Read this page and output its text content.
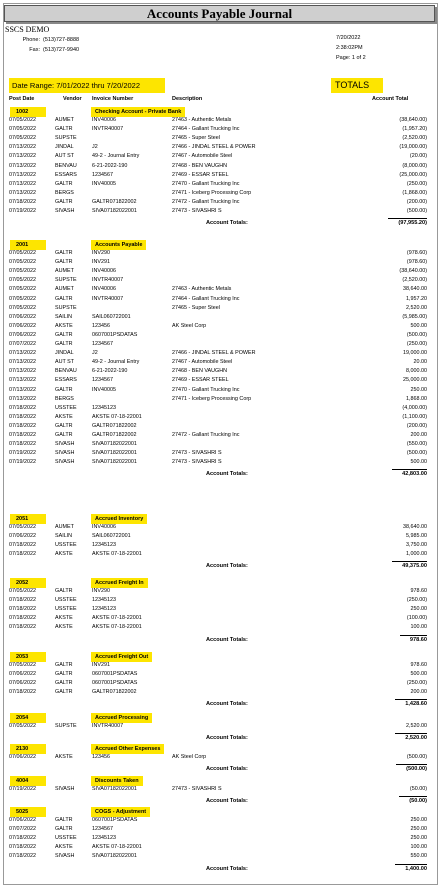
Accounts Payable Journal
SSCS DEMO
Phone: (513)727-8888
Fax: (513)727-9940
7/20/2022
2:38:02PM
Page: 1 of 2
Date Range: 7/01/2022 thru 7/20/2022	TOTALS
Post Date	Vendor Invoice Number	Description	Account Total
1002	Checking Account - Private Bank
07/05/2022	AUMET	INV40006	27463 - Authentic Metals	(38,640.00)
07/05/2022	GALTR	INVTR40007	27464 - Gallant Trucking Inc	(1,957.20)
07/05/2022	SUPSTE	27465 - Super Steel	(2,520.00)
07/13/2022	JINDAL	J2	27466 - JINDAL STEEL & POWER	(19,000.00)
07/13/2022	AUT ST	49-2 - Journal Entry	27467 - Automobile Steel	(20.00)
07/13/2022	BENVAU	6-21-2022-190	27468 - BEN VAUGHN	(8,000.00)
07/13/2022	ESSARS	1234567	27469 - ESSAR STEEL	(25,000.00)
07/13/2022	GALTR	INV40005	27470 - Gallant Trucking Inc	(250.00)
07/13/2022	BERGS	27471 - Iceberg Processing Corp	(1,868.00)
07/18/2022	GALTR	GALTR071822002	27472 - Gallant Trucking Inc	(200.00)
07/19/2022	SIVASH	SIVA07182022001	27473 - SIVASHRI S	(500.00)
Account Totals:	(97,955.20)
2001	Accounts Payable
07/05/2022	GALTR	INV290	(978.60)
07/05/2022	GALTR	INV291	(978.60)
07/05/2022	AUMET	INV40006	(38,640.00)
07/05/2022	SUPSTE	INVTR40007	(2,520.00)
07/05/2022	AUMET	INV40006	27463 - Authentic Metals	38,640.00
07/05/2022	GALTR	INVTR40007	27464 - Gallant Trucking Inc	1,957.20
07/05/2022	SUPSTE	27465 - Super Steel	2,520.00
07/06/2022	SAILIN	SAIL060722001	(5,985.00)
07/06/2022	AKSTE	123456	AK Steel Corp	500.00
07/06/2022	GALTR	0607001PSDATAS	(500.00)
07/07/2022	GALTR	1234567	(250.00)
07/13/2022	JINDAL	J2	27466 - JINDAL STEEL & POWER	19,000.00
07/13/2022	AUT ST	49-2 - Journal Entry	27467 - Automobile Steel	20.00
07/13/2022	BENVAU	6-21-2022-190	27468 - BEN VAUGHN	8,000.00
07/13/2022	ESSARS	1234567	27469 - ESSAR STEEL	25,000.00
07/13/2022	GALTR	INV40005	27470 - Gallant Trucking Inc	250.00
07/13/2022	BERGS	27471 - Iceberg Processing Corp	1,868.00
07/18/2022	USSTEE	12345123	(4,000.00)
07/18/2022	AKSTE	AKSTE 07-18-22001	(1,100.00)
07/18/2022	GALTR	GALTR071822002	(200.00)
07/18/2022	GALTR	GALTR071822002	27472 - Gallant Trucking Inc	200.00
07/18/2022	SIVASH	SIVA07182022001	(550.00)
07/19/2022	SIVASH	SIVA07182022001	27473 - SIVASHRI S	(500.00)
07/19/2022	SIVASH	SIVA07182022001	27473 - SIVASHRI S	500.00
Account Totals:	42,803.00
2051	Accrued Inventory
07/05/2022	AUMET	INV40006	38,640.00
07/06/2022	SAILIN	SAIL060722001	5,985.00
07/18/2022	USSTEE	12345123	3,750.00
07/18/2022	AKSTE	AKSTE 07-18-22001	1,000.00
Account Totals:	49,375.00
2052	Accrued Freight In
07/05/2022	GALTR	INV290	978.60
07/18/2022	USSTEE	12345123	(250.00)
07/18/2022	USSTEE	12345123	250.00
07/18/2022	AKSTE	AKSTE 07-18-22001	(100.00)
07/18/2022	AKSTE	AKSTE 07-18-22001	100.00
Account Totals:	978.60
2053	Accrued Freight Out
07/05/2022	GALTR	INV291	978.60
07/06/2022	GALTR	0607001PSDATAS	500.00
07/06/2022	GALTR	0607001PSDATAS	(250.00)
07/18/2022	GALTR	GALTR071822002	200.00
Account Totals:	1,428.60
2054	Accrued Processing
07/05/2022	SUPSTE	INVTR40007	2,520.00
Account Totals:	2,520.00
2130	Accrued Other Expenses
07/06/2022	AKSTE	123456	AK Steel Corp	(500.00)
Account Totals:	(500.00)
4004	Discounts Taken
07/19/2022	SIVASH	SIVA07182022001	27473 - SIVASHRI S	(50.00)
Account Totals:	(50.00)
5025	COGS - Adjustment
07/06/2022	GALTR	0607001PSDATAS	250.00
07/07/2022	GALTR	1234567	250.00
07/18/2022	USSTEE	12345123	250.00
07/18/2022	AKSTE	AKSTE 07-18-22001	100.00
07/18/2022	SIVASH	SIVA07182022001	550.00
Account Totals:	1,400.00
